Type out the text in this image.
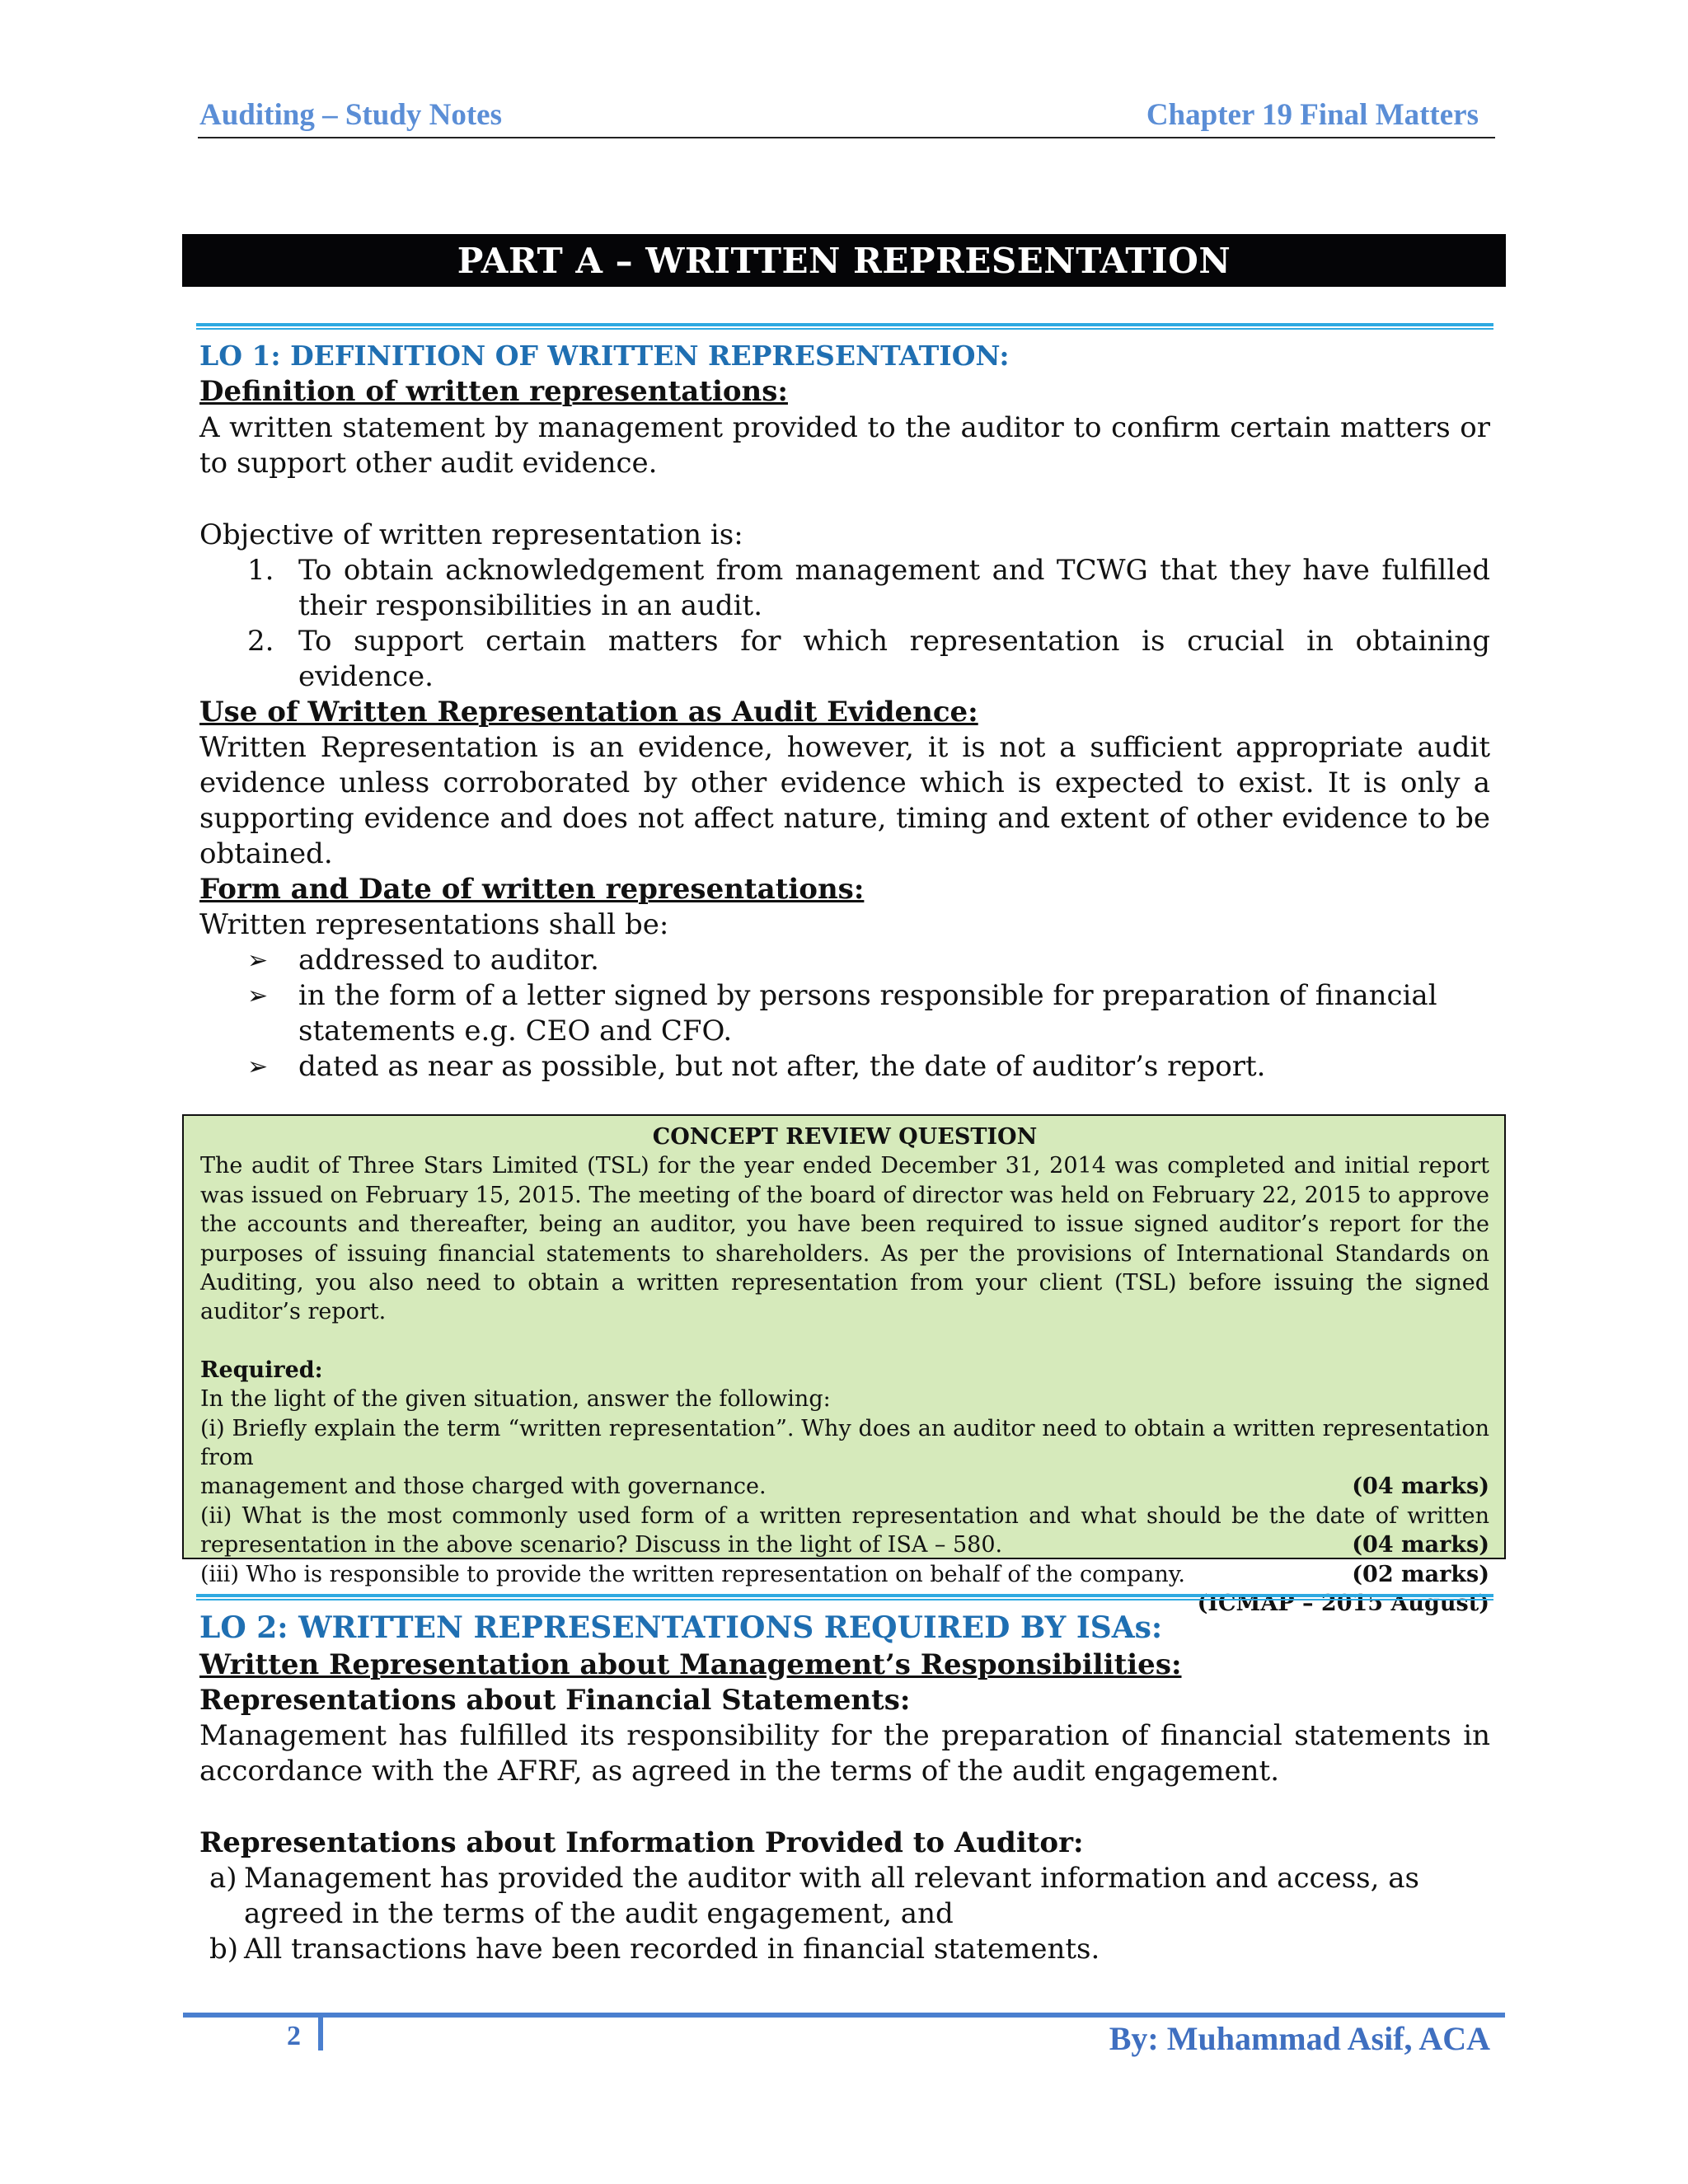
Auditing – Study Notes	Chapter 19 Final Matters
PART A – WRITTEN REPRESENTATION
LO 1: DEFINITION OF WRITTEN REPRESENTATION:
Definition of written representations:
A written statement by management provided to the auditor to confirm certain matters or to support other audit evidence.
Objective of written representation is:
1. To obtain acknowledgement from management and TCWG that they have fulfilled their responsibilities in an audit.
2. To support certain matters for which representation is crucial in obtaining evidence.
Use of Written Representation as Audit Evidence:
Written Representation is an evidence, however, it is not a sufficient appropriate audit evidence unless corroborated by other evidence which is expected to exist. It is only a supporting evidence and does not affect nature, timing and extent of other evidence to be obtained.
Form and Date of written representations:
Written representations shall be:
➢	addressed to auditor.
➢	in the form of a letter signed by persons responsible for preparation of financial statements e.g. CEO and CFO.
➢	dated as near as possible, but not after, the date of auditor’s report.
CONCEPT REVIEW QUESTION
The audit of Three Stars Limited (TSL) for the year ended December 31, 2014 was completed and initial report was issued on February 15, 2015. The meeting of the board of director was held on February 22, 2015 to approve the accounts and thereafter, being an auditor, you have been required to issue signed auditor’s report for the purposes of issuing financial statements to shareholders. As per the provisions of International Standards on Auditing, you also need to obtain a written representation from your client (TSL) before issuing the signed auditor’s report.
Required:
In the light of the given situation, answer the following:
(i) Briefly explain the term “written representation”. Why does an auditor need to obtain a written representation from
management and those charged with governance.	(04 marks)
(ii) What is the most commonly used form of a written representation and what should be the date of written
representation in the above scenario? Discuss in the light of ISA – 580.	(04 marks)
(iii) Who is responsible to provide the written representation on behalf of the company.	(02 marks)
(ICMAP – 2015 August)
LO 2: WRITTEN REPRESENTATIONS REQUIRED BY ISAs:
Written Representation about Management’s Responsibilities:
Representations about Financial Statements:
Management has fulfilled its responsibility for the preparation of financial statements in accordance with the AFRF, as agreed in the terms of the audit engagement.
Representations about Information Provided to Auditor:
a) Management has provided the auditor with all relevant information and access, as agreed in the terms of the audit engagement, and
b) All transactions have been recorded in financial statements.
2	By: Muhammad Asif, ACA
